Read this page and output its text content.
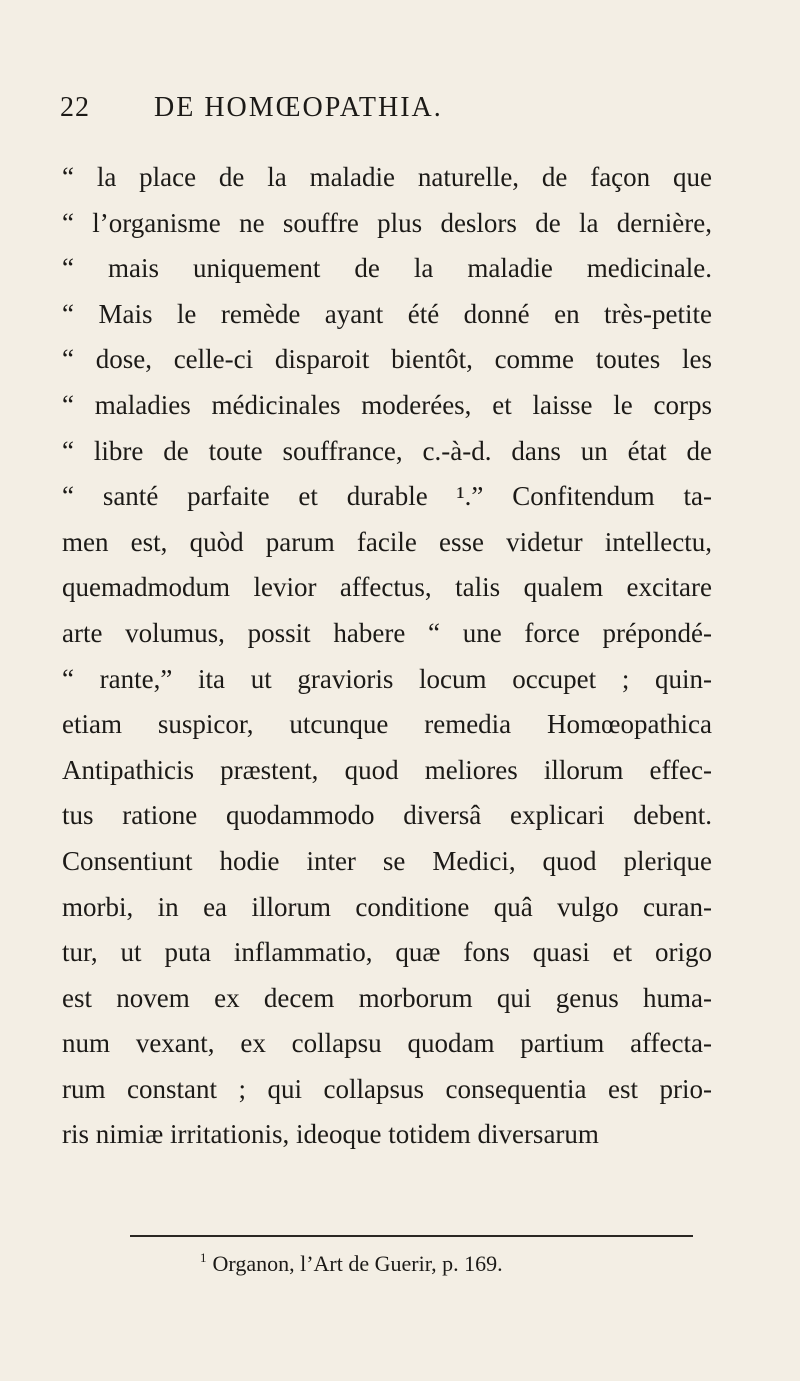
22 DE HOMŒOPATHIA.
“ la place de la maladie naturelle, de façon que
“ l’organisme ne souffre plus deslors de la dernière,
“ mais uniquement de la maladie medicinale.
“ Mais le remède ayant été donné en très-petite
“ dose, celle-ci disparoit bientôt, comme toutes les
“ maladies médicinales moderées, et laisse le corps
“ libre de toute souffrance, c.-à-d. dans un état de
“ santé parfaite et durable ¹.” Confitendum ta-
men est, quòd parum facile esse videtur intellectu,
quemadmodum levior affectus, talis qualem excitare
arte volumus, possit habere “ une force prépondé-
“ rante,” ita ut gravioris locum occupet ; quin-
etiam suspicor, utcunque remedia Homœopathica
Antipathicis præstent, quod meliores illorum effec-
tus ratione quodammodo diversâ explicari debent.
Consentiunt hodie inter se Medici, quod plerique
morbi, in ea illorum conditione quâ vulgo curan-
tur, ut puta inflammatio, quæ fons quasi et origo
est novem ex decem morborum qui genus huma-
num vexant, ex collapsu quodam partium affecta-
rum constant ; qui collapsus consequentia est prio-
ris nimiæ irritationis, ideoque totidem diversarum
$^1$ Organon, l’Art de Guerir, p. 169.
